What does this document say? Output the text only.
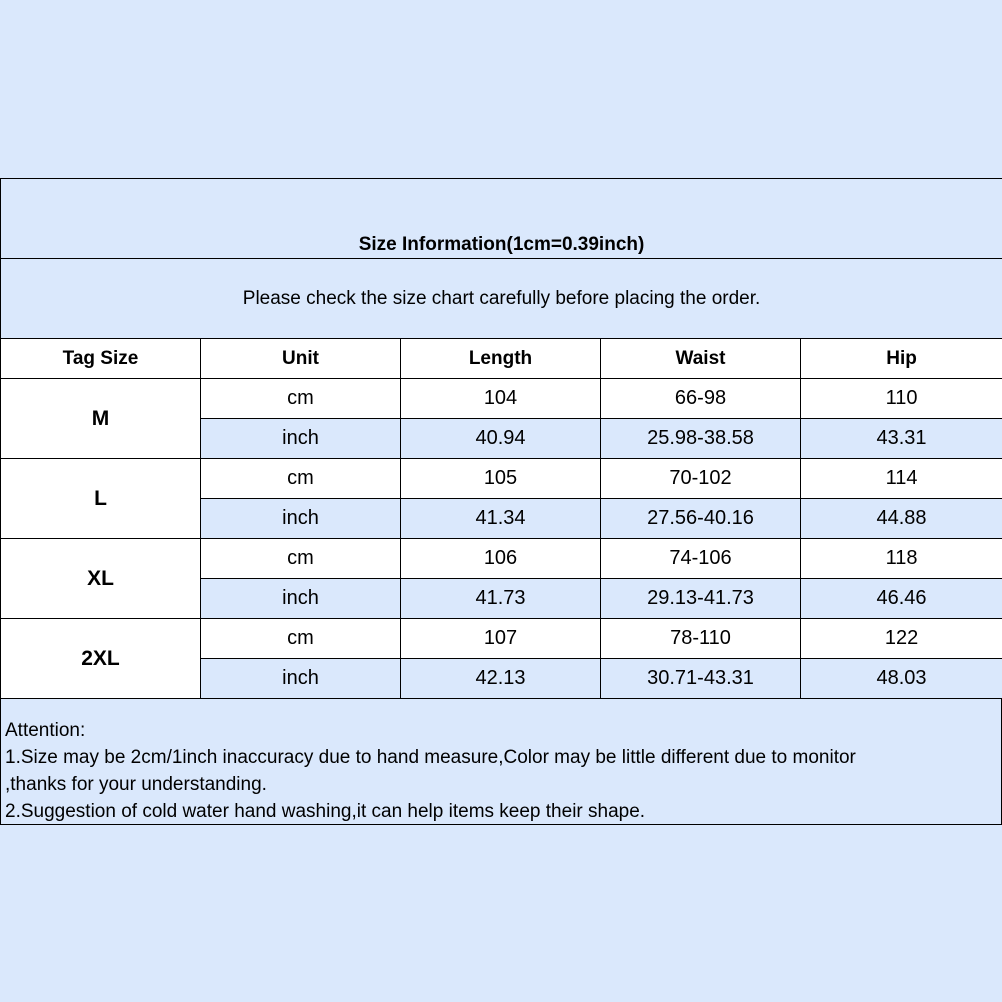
Size Information(1cm=0.39inch)				
Please check the size chart carefully before placing the order.				
Tag Size	Unit	Length	Waist	Hip
M	cm	104	66-98	110
	inch	40.94	25.98-38.58	43.31
L	cm	105	70-102	114
	inch	41.34	27.56-40.16	44.88
XL	cm	106	74-106	118
	inch	41.73	29.13-41.73	46.46
2XL	cm	107	78-110	122
	inch	42.13	30.71-43.31	48.03
Attention:
1.Size may be 2cm/1inch inaccuracy due to hand measure,Color may be little different due to monitor
,thanks for your understanding.
2.Suggestion of cold water hand washing,it can help items keep their shape.
